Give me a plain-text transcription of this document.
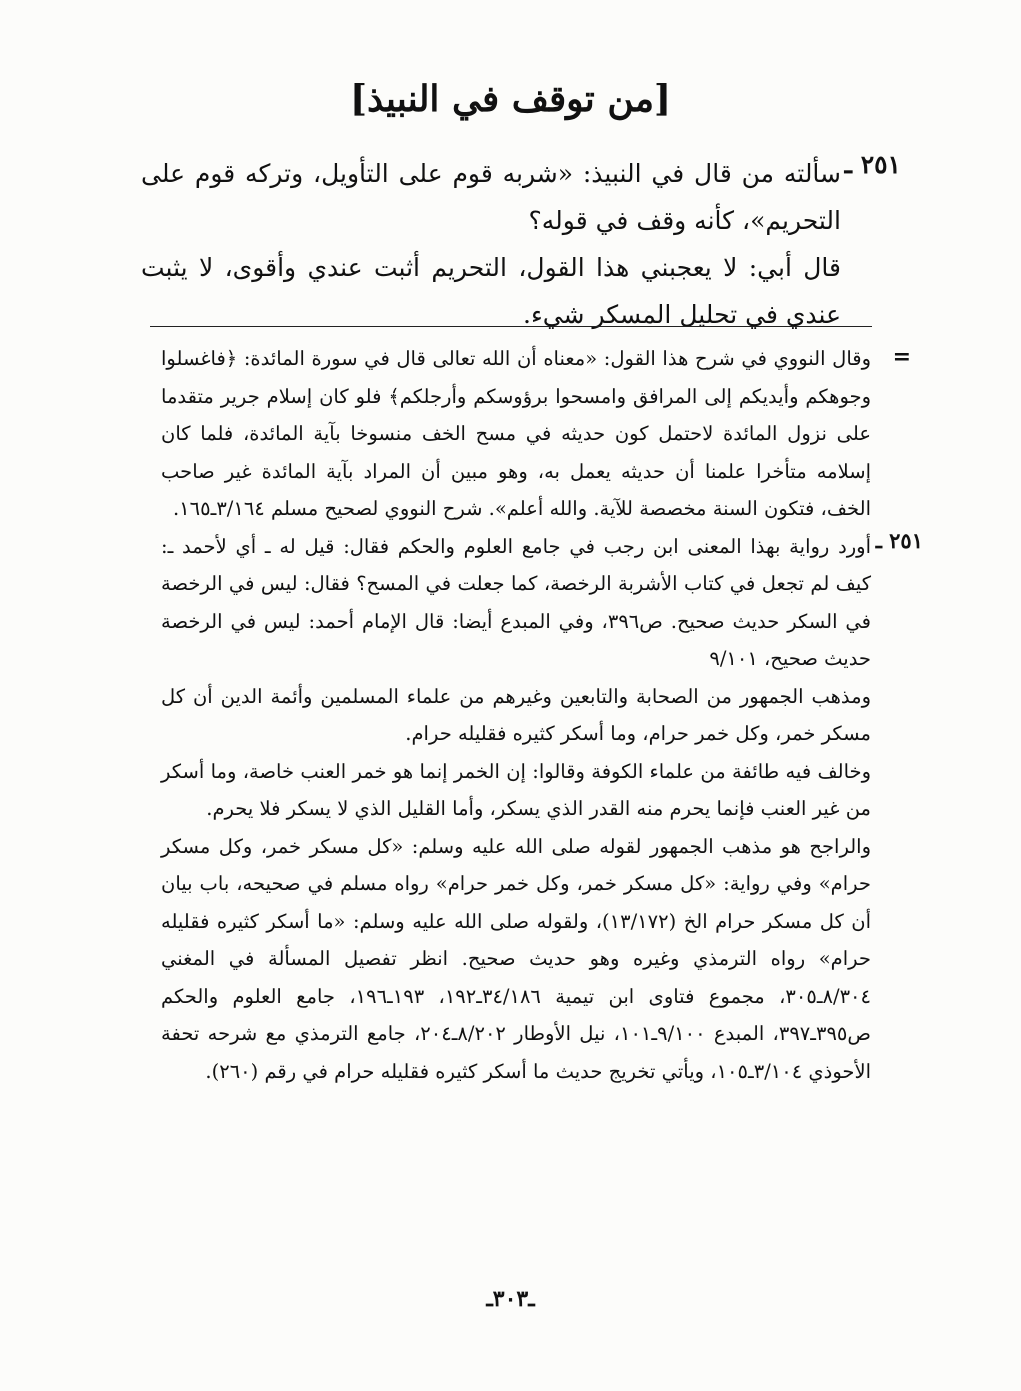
[من توقف في النبيذ]
٢٥١ ـ

سألته من قال في النبيذ: «شربه قوم على التأويل، وتركه قوم على التحريم»، كأنه وقف في قوله؟

قال أبي: لا يعجبني هذا القول، التحريم أثبت عندي وأقوى، لا يثبت عندي في تحليل المسكر شيء.

=

وقال النووي في شرح هذا القول: «معناه أن الله تعالى قال في سورة المائدة: ﴿فاغسلوا وجوهكم وأيديكم إلى المرافق وامسحوا برؤوسكم وأرجلكم﴾ فلو كان إسلام جرير متقدما على نزول المائدة لاحتمل كون حديثه في مسح الخف منسوخا بآية المائدة، فلما كان إسلامه متأخرا علمنا أن حديثه يعمل به، وهو مبين أن المراد بآية المائدة غير صاحب الخف، فتكون السنة مخصصة للآية. والله أعلم». شرح النووي لصحيح مسلم ٣/١٦٤ـ١٦٥.

٢٥١ ـ

أورد رواية بهذا المعنى ابن رجب في جامع العلوم والحكم فقال: قيل له ـ أي لأحمد ـ: كيف لم تجعل في كتاب الأشربة الرخصة، كما جعلت في المسح؟ فقال: ليس في الرخصة في السكر حديث صحيح. ص٣٩٦، وفي المبدع أيضا: قال الإمام أحمد: ليس في الرخصة حديث صحيح، ٩/١٠١

ومذهب الجمهور من الصحابة والتابعين وغيرهم من علماء المسلمين وأئمة الدين أن كل مسكر خمر، وكل خمر حرام، وما أسكر كثيره فقليله حرام.

وخالف فيه طائفة من علماء الكوفة وقالوا: إن الخمر إنما هو خمر العنب خاصة، وما أسكر من غير العنب فإنما يحرم منه القدر الذي يسكر، وأما القليل الذي لا يسكر فلا يحرم.

والراجح هو مذهب الجمهور لقوله صلى الله عليه وسلم: «كل مسكر خمر، وكل مسكر حرام» وفي رواية: «كل مسكر خمر، وكل خمر حرام» رواه مسلم في صحيحه، باب بيان أن كل مسكر حرام الخ (١٣/١٧٢)، ولقوله صلى الله عليه وسلم: «ما أسكر كثيره فقليله حرام» رواه الترمذي وغيره وهو حديث صحيح. انظر تفصيل المسألة في المغني ٨/٣٠٤ـ٣٠٥، مجموع فتاوى ابن تيمية ٣٤/١٨٦ـ١٩٢، ١٩٣ـ١٩٦، جامع العلوم والحكم ص٣٩٥ـ٣٩٧، المبدع ٩/١٠٠ـ١٠١، نيل الأوطار ٨/٢٠٢ـ٢٠٤، جامع الترمذي مع شرحه تحفة الأحوذي ٣/١٠٤ـ١٠٥، ويأتي تخريج حديث ما أسكر كثيره فقليله حرام في رقم (٢٦٠).

ـ٣٠٣ـ
